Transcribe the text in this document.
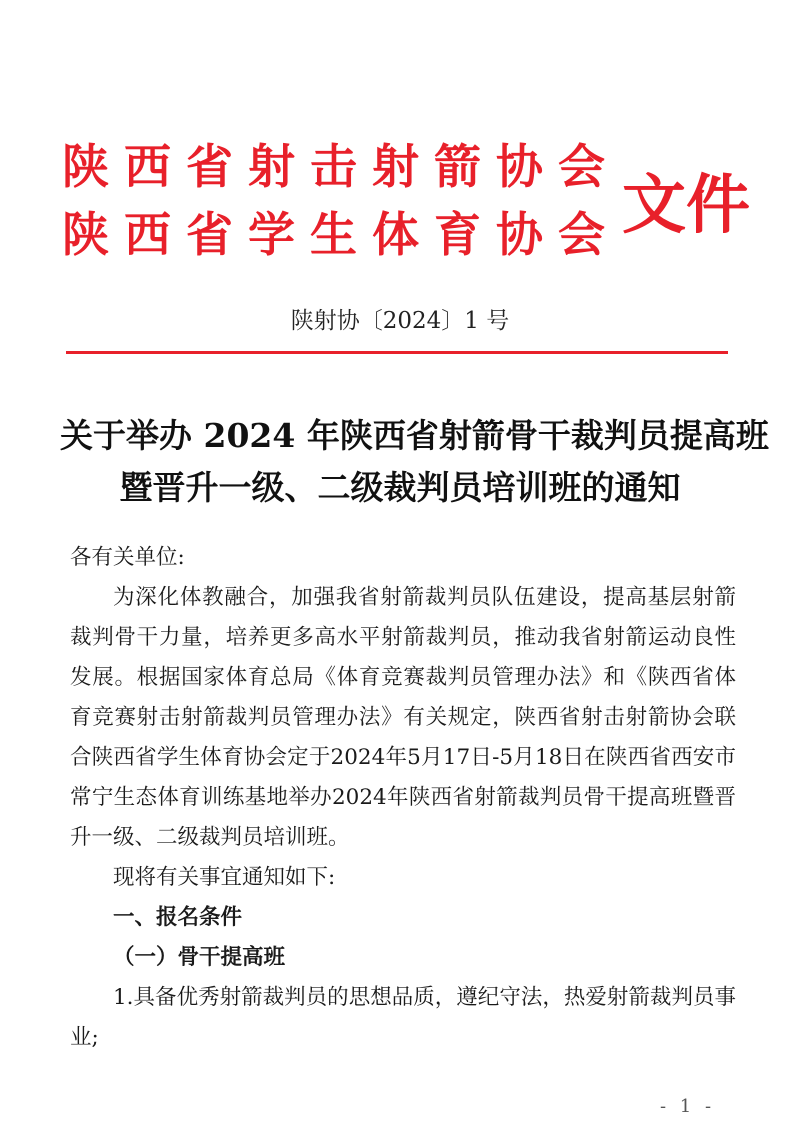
陕西省射击射箭协会
陕西省学生体育协会 文件
陕射协〔2024〕1 号
关于举办 2024 年陕西省射箭骨干裁判员提高班
暨晋升一级、二级裁判员培训班的通知

各有关单位:

为深化体教融合，加强我省射箭裁判员队伍建设，提高基层射箭裁判骨干力量，培养更多高水平射箭裁判员，推动我省射箭运动良性发展。根据国家体育总局《体育竞赛裁判员管理办法》和《陕西省体育竞赛射击射箭裁判员管理办法》有关规定，陕西省射击射箭协会联合陕西省学生体育协会定于2024年5月17日-5月18日在陕西省西安市常宁生态体育训练基地举办2024年陕西省射箭裁判员骨干提高班暨晋升一级、二级裁判员培训班。

现将有关事宜通知如下:

一、报名条件

（一）骨干提高班

1.具备优秀射箭裁判员的思想品质，遵纪守法，热爱射箭裁判员事业;

- 1 -
